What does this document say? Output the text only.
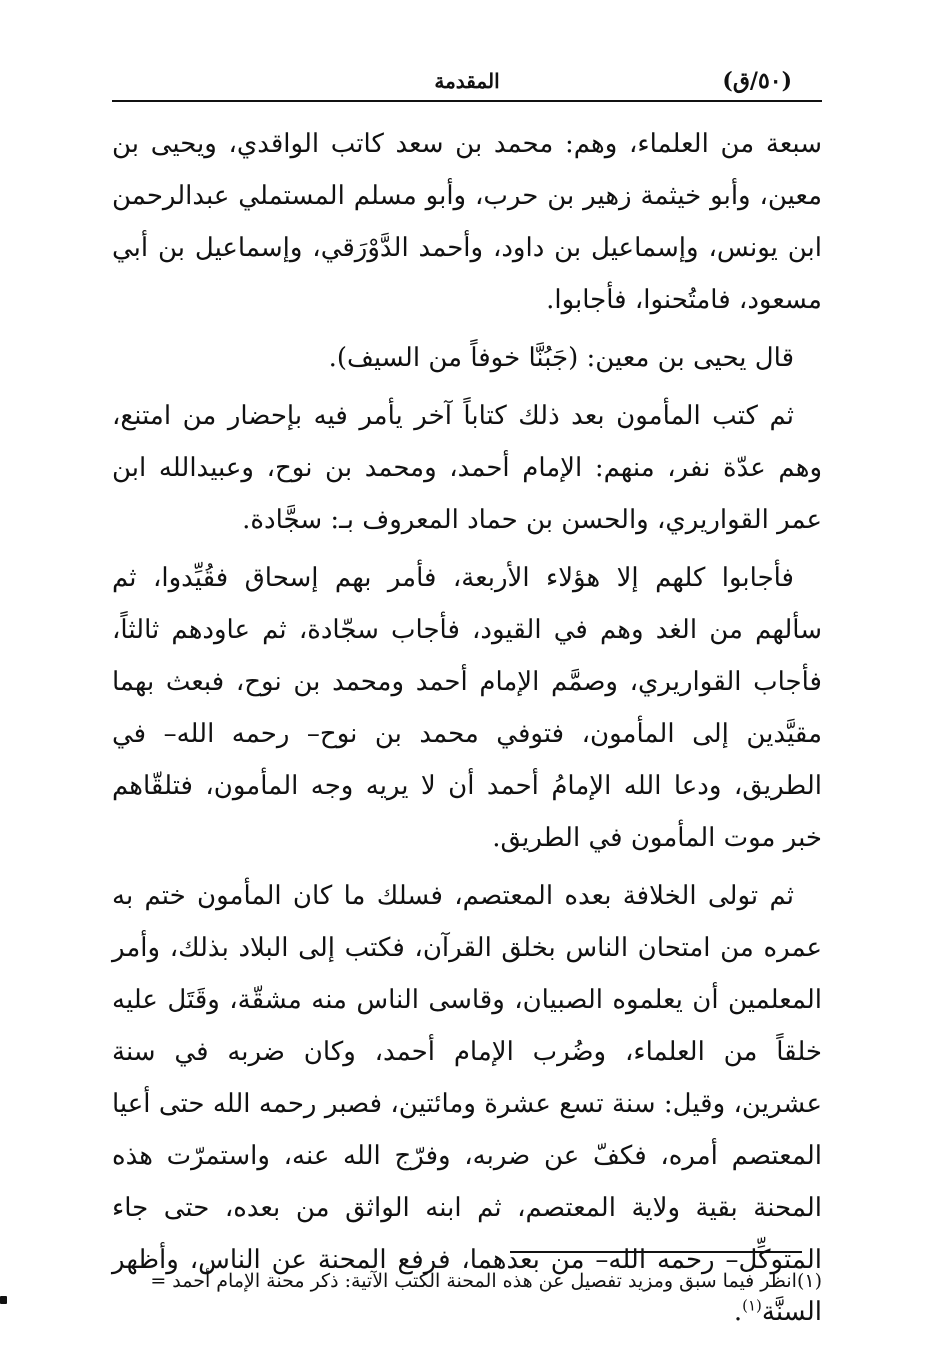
(٥٠/ق)
المقدمة

سبعة من العلماء، وهم: محمد بن سعد كاتب الواقدي، ويحيى بن معين، وأبو خيثمة زهير بن حرب، وأبو مسلم المستملي عبدالرحمن ابن يونس، وإسماعيل بن داود، وأحمد الدَّوْرَقي، وإسماعيل بن أبي مسعود، فامتُحنوا، فأجابوا.

قال يحيى بن معين: (جَبُنَّا خوفاً من السيف).

ثم كتب المأمون بعد ذلك كتاباً آخر يأمر فيه بإحضار من امتنع، وهم عدّة نفر، منهم: الإمام أحمد، ومحمد بن نوح، وعبيدالله ابن عمر القواريري، والحسن بن حماد المعروف بـ: سجَّادة.

فأجابوا كلهم إلا هؤلاء الأربعة، فأمر بهم إسحاق فقُيِّدوا، ثم سألهم من الغد وهم في القيود، فأجاب سجّادة، ثم عاودهم ثالثاً، فأجاب القواريري، وصمَّم الإمام أحمد ومحمد بن نوح، فبعث بهما مقيَّدين إلى المأمون، فتوفي محمد بن نوح– رحمه الله– في الطريق، ودعا الله الإمامُ أحمد أن لا يريه وجه المأمون، فتلقّاهم خبر موت المأمون في الطريق.

ثم تولى الخلافة بعده المعتصم، فسلك ما كان المأمون ختم به عمره من امتحان الناس بخلق القرآن، فكتب إلى البلاد بذلك، وأمر المعلمين أن يعلموه الصبيان، وقاسى الناس منه مشقّة، وقَتَل عليه خلقاً من العلماء، وضُرب الإمام أحمد، وكان ضربه في سنة عشرين، وقيل: سنة تسع عشرة ومائتين، فصبر رحمه الله حتى أعيا المعتصم أمره، فكفّ عن ضربه، وفرّج الله عنه، واستمرّت هذه المحنة بقية ولاية المعتصم، ثم ابنه الواثق من بعده، حتى جاء المتوكِّل– رحمه الله– من بعدهما، فرفع المحنة عن الناس، وأظهر السنَّة$^{(١)}$.

(١)انظر فيما سبق ومزيد تفصيل عن هذه المحنة الكتب الآتية: ذكر محنة الإمام أحمد =
